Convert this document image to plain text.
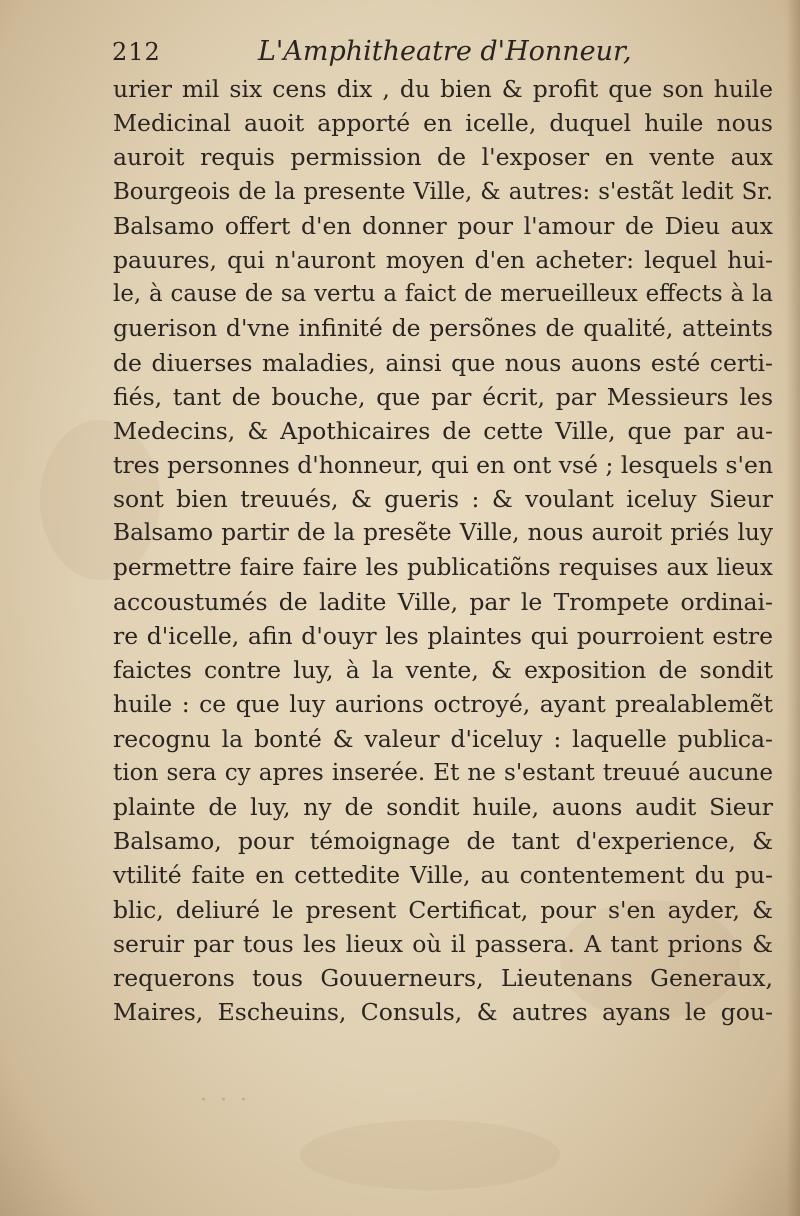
212	L'Amphitheatre d'Honneur,
urier mil six cens dix , du bien & profit que son huile
Medicinal auoit apporté en icelle, duquel huile nous
auroit requis permission de l'exposer en vente aux
Bourgeois de la presente Ville, & autres: s'estãt ledit Sr.
Balsamo offert d'en donner pour l'amour de Dieu aux
pauures, qui n'auront moyen d'en acheter: lequel hui-
le, à cause de sa vertu a faict de merueilleux effects à la
guerison d'vne infinité de persõnes de qualité, atteints
de diuerses maladies, ainsi que nous auons esté certi-
fiés, tant de bouche, que par écrit, par Messieurs les
Medecins, & Apothicaires de cette Ville, que par au-
tres personnes d'honneur, qui en ont vsé ; lesquels s'en
sont bien treuués, & gueris : & voulant iceluy Sieur
Balsamo partir de la presẽte Ville, nous auroit priés luy
permettre faire faire les publicatiõns requises aux lieux
accoustumés de ladite Ville, par le Trompete ordinai-
re d'icelle, afin d'ouyr les plaintes qui pourroient estre
faictes contre luy, à la vente, & exposition de sondit
huile : ce que luy aurions octroyé, ayant prealablemẽt
recognu la bonté & valeur d'iceluy : laquelle publica-
tion sera cy apres inserée. Et ne s'estant treuué aucune
plainte de luy, ny de sondit huile, auons audit Sieur
Balsamo, pour témoignage de tant d'experience, &
vtilité faite en cettedite Ville, au contentement du pu-
blic, deliuré le present Certificat, pour s'en ayder, &
seruir par tous les lieux où il passera. A tant prions &
requerons tous Gouuerneurs, Lieutenans Generaux,
Maires, Escheuins, Consuls, & autres ayans le gou-
· · ·
